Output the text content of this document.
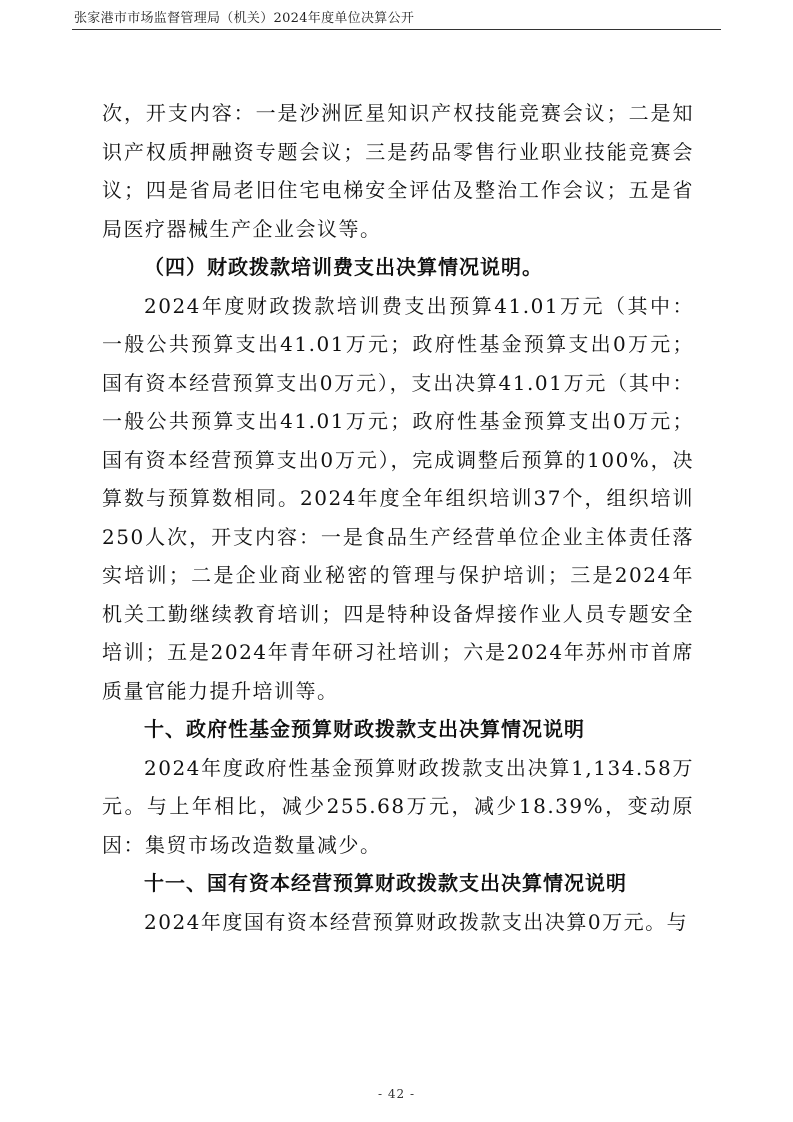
张家港市市场监督管理局（机关）2024年度单位决算公开

次，开支内容：一是沙洲匠星知识产权技能竞赛会议；二是知识产权质押融资专题会议；三是药品零售行业职业技能竞赛会议；四是省局老旧住宅电梯安全评估及整治工作会议；五是省局医疗器械生产企业会议等。

（四）财政拨款培训费支出决算情况说明。

2024年度财政拨款培训费支出预算41.01万元（其中：一般公共预算支出41.01万元；政府性基金预算支出0万元；国有资本经营预算支出0万元），支出决算41.01万元（其中：一般公共预算支出41.01万元；政府性基金预算支出0万元；国有资本经营预算支出0万元），完成调整后预算的100%，决算数与预算数相同。2024年度全年组织培训37个，组织培训250人次，开支内容：一是食品生产经营单位企业主体责任落实培训；二是企业商业秘密的管理与保护培训；三是2024年机关工勤继续教育培训；四是特种设备焊接作业人员专题安全培训；五是2024年青年研习社培训；六是2024年苏州市首席质量官能力提升培训等。

十、政府性基金预算财政拨款支出决算情况说明

2024年度政府性基金预算财政拨款支出决算1,134.58万元。与上年相比，减少255.68万元，减少18.39%，变动原因：集贸市场改造数量减少。

十一、国有资本经营预算财政拨款支出决算情况说明

2024年度国有资本经营预算财政拨款支出决算0万元。与

- 42 -
